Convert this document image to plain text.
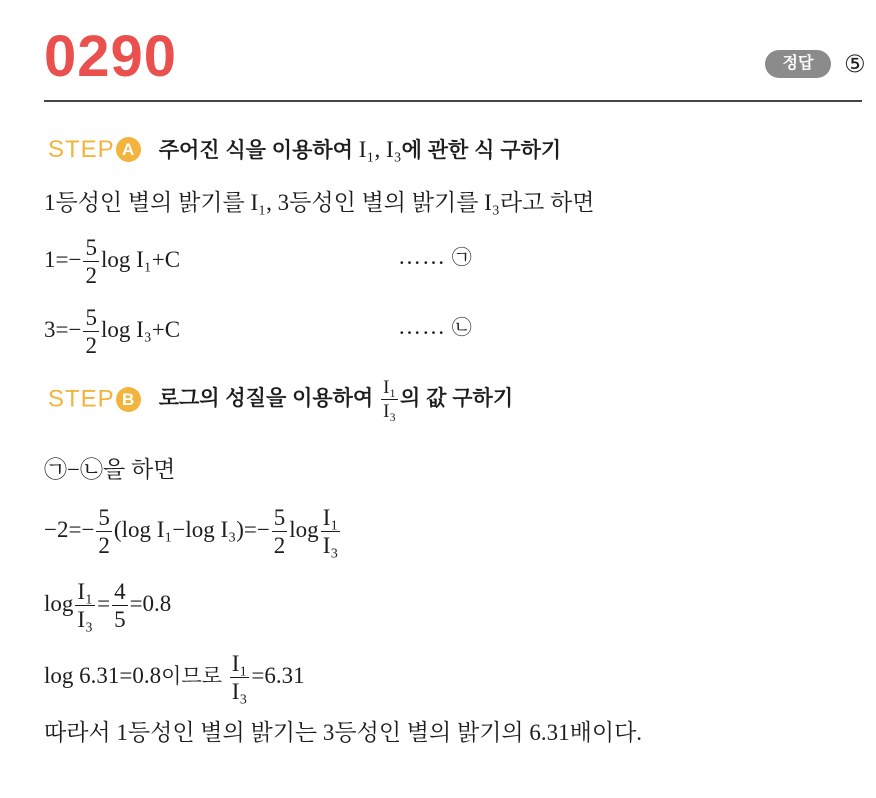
0290	정답	⑤
STEP A 주어진 식을 이용하여 I₁, I₃에 관한 식 구하기
1등성인 별의 밝기를 I₁, 3등성인 별의 밝기를 I₃라고 하면
$1=- \frac{5}{2}$ log I₁+C	…… ㉠
$3=- \frac{5}{2}$ log I₃+C	…… ㉡
STEP B 로그의 성질을 이용하여 $\frac{\text{I₁}}{\text{I₃}}$ 의 값 구하기
㉠−㉡을 하면
$-2=- \frac{5}{2} (\log$ I₁−log $I_3)=- \frac{5}{2}$ $\log \frac{\text{I₁}}{\text{I₃}}$
$\log \frac{\text{I₁}}{\text{I₃}} = \frac{4}{5} =0.8$
log 6.31=0.8이므로 $\frac{\text{I₁}}{\text{I₃}} =6.31$
따라서 1등성인 별의 밝기는 3등성인 별의 밝기의 6.31배이다.
